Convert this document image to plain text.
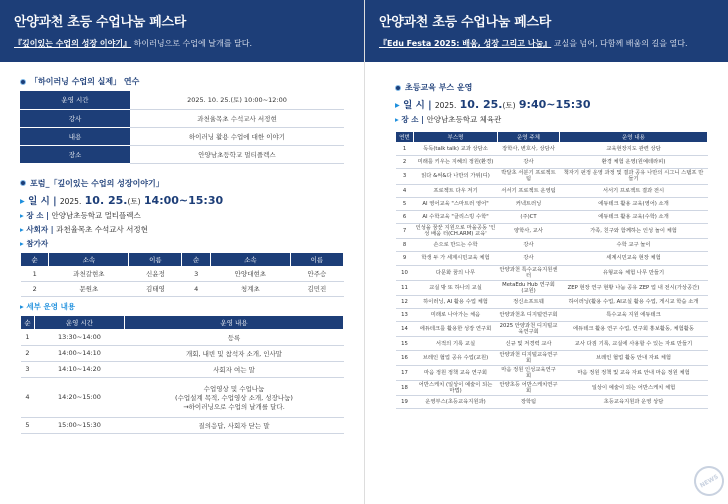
안양과천 초등 수업나눔 페스타
『깊이있는 수업의 성장 이야기』 하이러닝으로 수업에 날개를 달다.
「하이러닝 수업의 실제」 연수
운영 시간	2025. 10. 25.(토) 10:00~12:00
강사	과천율목초 수석교사 서정현
내용	하이러닝 활용 수업에 대한 이야기
장소	안양남초등학교 멀티플렉스
포럼_「깊이있는 수업의 성장이야기」
▸ 일 시 | 2025. 10. 25.(토) 14:00~15:30
▸ 장 소 | 안양남초등학교 멀티플렉스
▸ 사회자 | 과천율목초 수석교사 서정현
▸ 참가자
순	소속	이름	순	소속	이름
1	과천갈현초	신윤정	3	안양대현초	안주승
2	문원초	김태영	4	청계초	김민진
▸ 세부 운영 내용
순	운영 시간	운영 내용
1	13:30~14:00	등록

2	14:00~14:10	개회, 내빈 및 참석자 소개, 인사말

3	14:10~14:20	사회자 여는 말

4	14:20~15:00	수업영상 및 수업나눔
(수업설계 목적, 수업영상 소개, 성장나눔)
→하이러닝으로 수업의 날개를 달다.

5	15:00~15:30	질의응답, 사회자 닫는 말
안양과천 초등 수업나눔 페스타
『Edu Festa 2025: 배움, 성장 그리고 나눔』 교실을 넘어, 다함께 배움의 길을 열다.
초등교육 부스 운영
▸ 일 시 | 2025. 10. 25.(토) 9:40~15:30
▸ 장 소 | 안양남초등학교 체육관
연번	부스명	운영 주체	운영 내용
1	독독(talk talk) 교과 상담소	장학사, 변호사, 상담사	교육현장지도 관련 상담
2	미래를 키우는 지혜의 정원(환경)	강사	환경 체험 운영(원예테라피)
3	읽다 &써&다 나만의 가위(디)	박달초 서분기 프로젝트팀	책자기 펀정 운영 과정 및 결과 공유 나만의 시그니 스탬프 만들기
4	프로젝트 다우 저기	서서기 프로젝트 운영팀	서서기 프로젝트 결과 전시
5	AI 영어교육 "스마트러 영어"	커넥트러닝	에듀테크 활용 교육(영어) 소개
6	AI 수학교육 "클리스빙 수학"	(주)CT	에듀테크 활용 교육(수학) 소개
7	인성을 꿈꾼 지원으로 마을공동 '인성 배움 터(CH.ARM) 교육'	양학사, 교사	가족, 친구와 함께하는 인성 놀이 체험
8	손으로 만드는 수학	강사	수학 교구 놀이
9	학생 두 가 세계시민교육 체험	강사	세계시민교육 현장 체험
10	다문화 꿈의 나무	안양과천 특수교육지원센터	유형교육 체험 나무 만들기
11	교실 밖 또 하나의 교실	MetaEdu Hub 연구회(교원)	ZEP 현장 연구 현황 나눔 공유 ZEP 업 내 전시(가상공간)
12	하이러닝, AI 활용 수업 체험	정신소프트웨	하이러닝(활용 수업, AI교실 활용 수업, 게시교 학습 소개
13	미래로 나아가는 체음	안양과천초 디지털연구회	특수교육 지원 에듀테크
14	에듀테크를 활용한 성장 연구회	2025 안양과천 디지털교육연구회	에듀테크 활용 연구 수업, 연구회 홍보활동, 체험활동
15	서적의 기록 교실	신규 및 저경력 교사	교사 다짐 기록, 교실에 사용할 수 있는 자료 만들기
16	브레인 협업 공유 수업(교원)	안양과천 디지털교육연구회	브레인 협업 활동 안내 자료 체험
17	마음 정원 정책 교육 연구회	마음 정원 인성교육연구회	마음 정원 정책 및 교육 자료 안내 마음 정원 체험
18	어반스케치 (일상이 예술이 되는 마법)	안양초등 어반스케치연구회	일상이 예술이 되는 어반스케치 체험
19	운영부스(초등교육지원과)	장학팀	초등교육지원과 운영 상담
NEWS
